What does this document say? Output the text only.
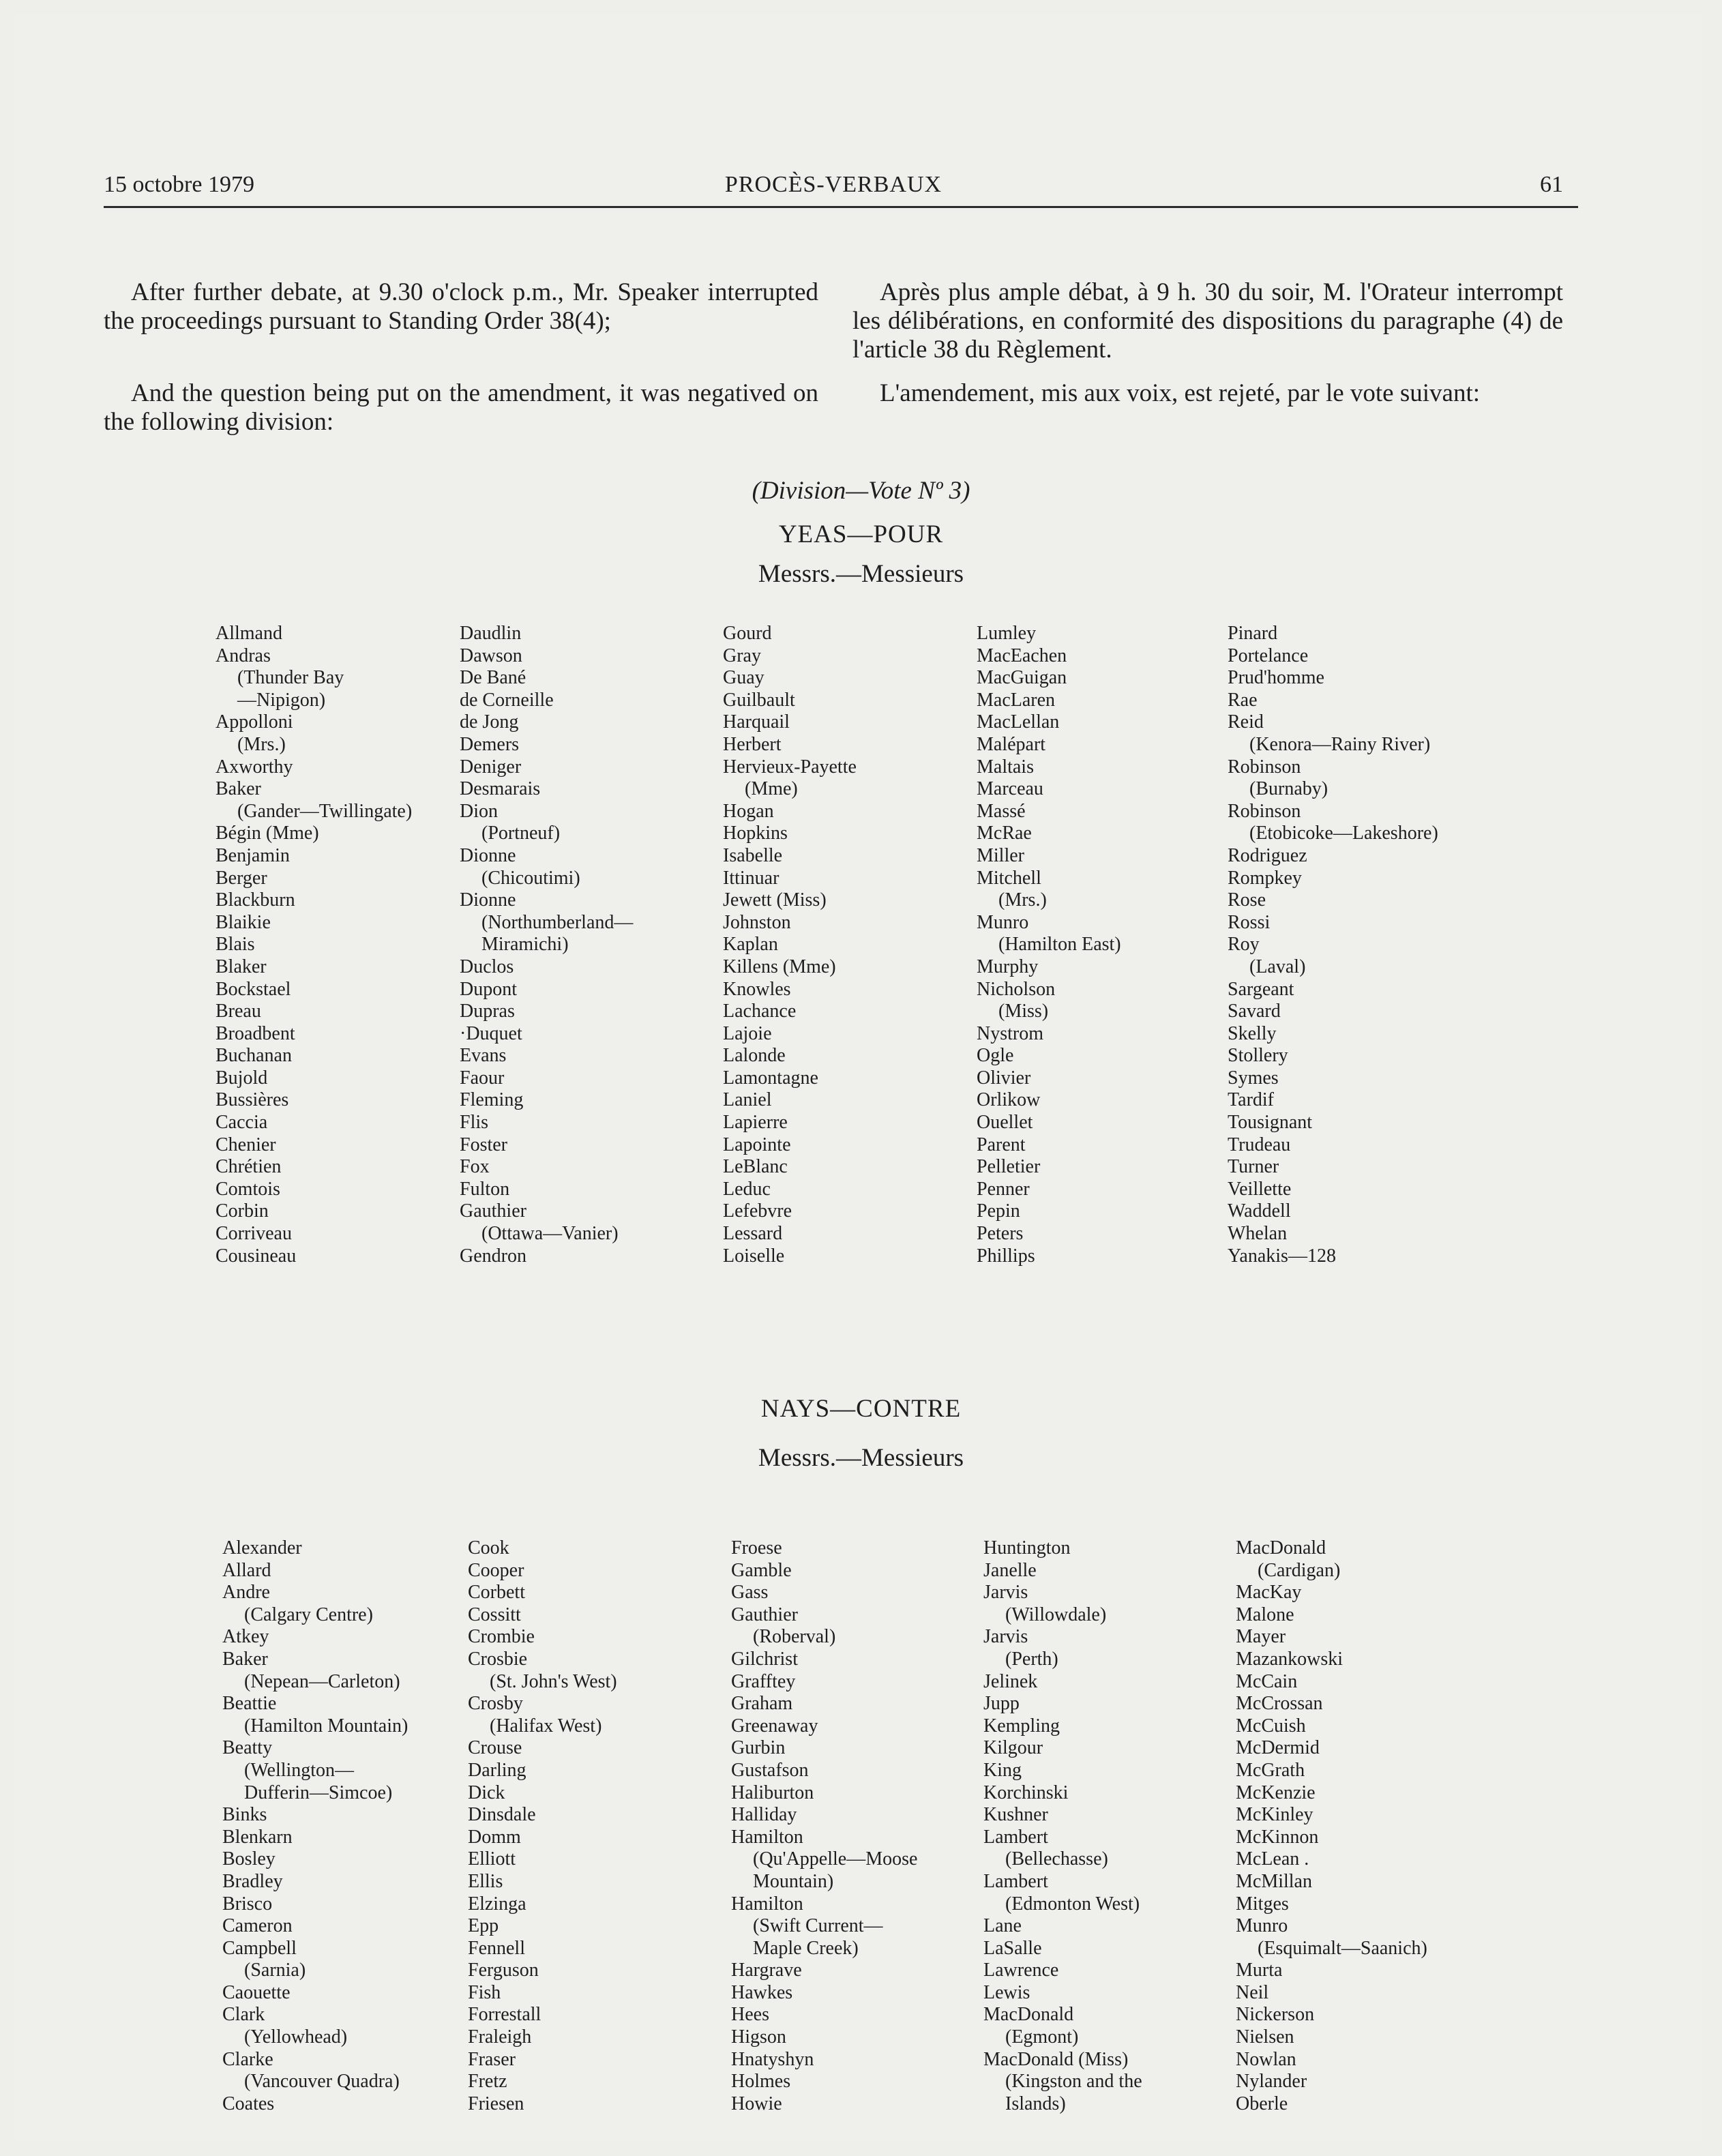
15 octobre 1979	PROCÈS-VERBAUX	61
After further debate, at 9.30 o'clock p.m., Mr. Speaker interrupted the proceedings pursuant to Standing Order 38(4);
And the question being put on the amendment, it was negatived on the following division:
Après plus ample débat, à 9 h. 30 du soir, M. l'Orateur interrompt les délibérations, en conformité des dispositions du paragraphe (4) de l'article 38 du Règlement.
L'amendement, mis aux voix, est rejeté, par le vote suivant:
(Division—Vote Nº 3)
YEAS—POUR
Messrs.—Messieurs
Allmand
Andras
(Thunder Bay
—Nipigon)
Appolloni
(Mrs.)
Axworthy
Baker
(Gander—Twillingate)
Bégin (Mme)
Benjamin
Berger
Blackburn
Blaikie
Blais
Blaker
Bockstael
Breau
Broadbent
Buchanan
Bujold
Bussières
Caccia
Chenier
Chrétien
Comtois
Corbin
Corriveau
Cousineau
Daudlin
Dawson
De Bané
de Corneille
de Jong
Demers
Deniger
Desmarais
Dion
(Portneuf)
Dionne
(Chicoutimi)
Dionne
(Northumberland—
Miramichi)
Duclos
Dupont
Dupras
·Duquet
Evans
Faour
Fleming
Flis
Foster
Fox
Fulton
Gauthier
(Ottawa—Vanier)
Gendron
Gourd
Gray
Guay
Guilbault
Harquail
Herbert
Hervieux-Payette
(Mme)
Hogan
Hopkins
Isabelle
Ittinuar
Jewett (Miss)
Johnston
Kaplan
Killens (Mme)
Knowles
Lachance
Lajoie
Lalonde
Lamontagne
Laniel
Lapierre
Lapointe
LeBlanc
Leduc
Lefebvre
Lessard
Loiselle
Lumley
MacEachen
MacGuigan
MacLaren
MacLellan
Malépart
Maltais
Marceau
Massé
McRae
Miller
Mitchell
(Mrs.)
Munro
(Hamilton East)
Murphy
Nicholson
(Miss)
Nystrom
Ogle
Olivier
Orlikow
Ouellet
Parent
Pelletier
Penner
Pepin
Peters
Phillips
Pinard
Portelance
Prud'homme
Rae
Reid
(Kenora—Rainy River)
Robinson
(Burnaby)
Robinson
(Etobicoke—Lakeshore)
Rodriguez
Rompkey
Rose
Rossi
Roy
(Laval)
Sargeant
Savard
Skelly
Stollery
Symes
Tardif
Tousignant
Trudeau
Turner
Veillette
Waddell
Whelan
Yanakis—128
NAYS—CONTRE
Messrs.—Messieurs
Alexander
Allard
Andre
(Calgary Centre)
Atkey
Baker
(Nepean—Carleton)
Beattie
(Hamilton Mountain)
Beatty
(Wellington—
Dufferin—Simcoe)
Binks
Blenkarn
Bosley
Bradley
Brisco
Cameron
Campbell
(Sarnia)
Caouette
Clark
(Yellowhead)
Clarke
(Vancouver Quadra)
Coates
Cook
Cooper
Corbett
Cossitt
Crombie
Crosbie
(St. John's West)
Crosby
(Halifax West)
Crouse
Darling
Dick
Dinsdale
Domm
Elliott
Ellis
Elzinga
Epp
Fennell
Ferguson
Fish
Forrestall
Fraleigh
Fraser
Fretz
Friesen
Froese
Gamble
Gass
Gauthier
(Roberval)
Gilchrist
Grafftey
Graham
Greenaway
Gurbin
Gustafson
Haliburton
Halliday
Hamilton
(Qu'Appelle—Moose
Mountain)
Hamilton
(Swift Current—
Maple Creek)
Hargrave
Hawkes
Hees
Higson
Hnatyshyn
Holmes
Howie
Huntington
Janelle
Jarvis
(Willowdale)
Jarvis
(Perth)
Jelinek
Jupp
Kempling
Kilgour
King
Korchinski
Kushner
Lambert
(Bellechasse)
Lambert
(Edmonton West)
Lane
LaSalle
Lawrence
Lewis
MacDonald
(Egmont)
MacDonald (Miss)
(Kingston and the
Islands)
MacDonald
(Cardigan)
MacKay
Malone
Mayer
Mazankowski
McCain
McCrossan
McCuish
McDermid
McGrath
McKenzie
McKinley
McKinnon
McLean .
McMillan
Mitges
Munro
(Esquimalt—Saanich)
Murta
Neil
Nickerson
Nielsen
Nowlan
Nylander
Oberle
